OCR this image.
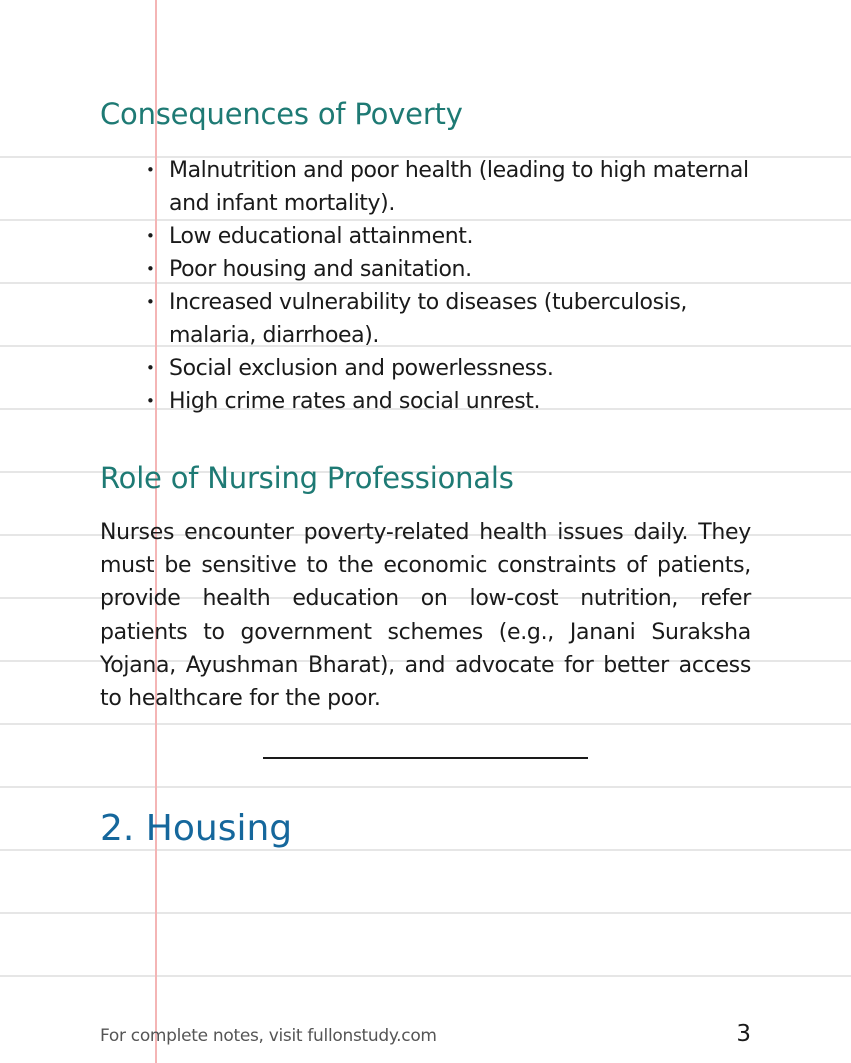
Consequences of Poverty
• Malnutrition and poor health (leading to high maternal and infant mortality).
• Low educational attainment.
• Poor housing and sanitation.
• Increased vulnerability to diseases (tuberculosis, malaria, diarrhoea).
• Social exclusion and powerlessness.
• High crime rates and social unrest.
Role of Nursing Professionals

Nurses encounter poverty-related health issues daily. They must be sensitive to the economic constraints of patients, provide health education on low-cost nutrition, refer patients to government schemes (e.g., Janani Suraksha Yojana, Ayushman Bharat), and advocate for better access to healthcare for the poor.

2. Housing
For complete notes, visit fullonstudy.com	3
